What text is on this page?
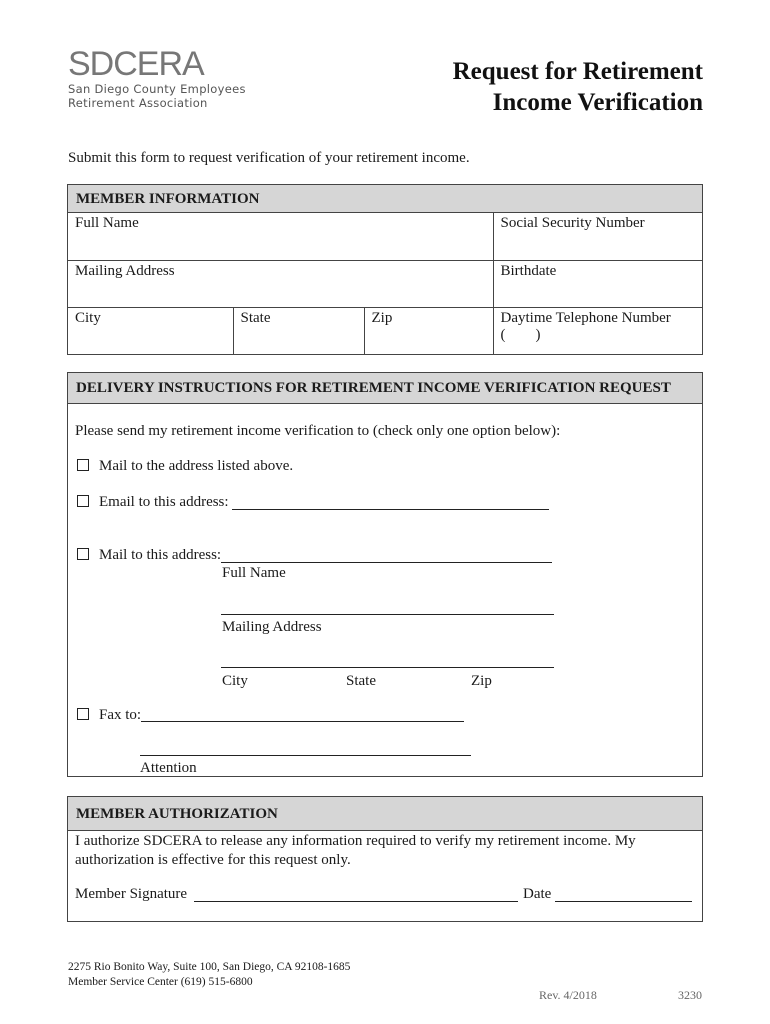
SDCERA
San Diego County Employees
Retirement Association
Request for Retirement
Income Verification
Submit this form to request verification of your retirement income.
MEMBER INFORMATION
Full Name			Social Security Number
Mailing Address			Birthdate
City	State	Zip	Daytime Telephone Number
(        )
DELIVERY INSTRUCTIONS FOR RETIREMENT INCOME VERIFICATION REQUEST
Please send my retirement income verification to (check only one option below):
Mail to the address listed above.
Email to this address:
Mail to this address:
Full Name
Mailing Address
City	State	Zip
Fax to:
Attention
MEMBER AUTHORIZATION
I authorize SDCERA to release any information required to verify my retirement income. My authorization is effective for this request only.
Member Signature	Date
2275 Rio Bonito Way, Suite 100, San Diego, CA 92108-1685
Member Service Center (619) 515-6800
Rev. 4/2018	3230
